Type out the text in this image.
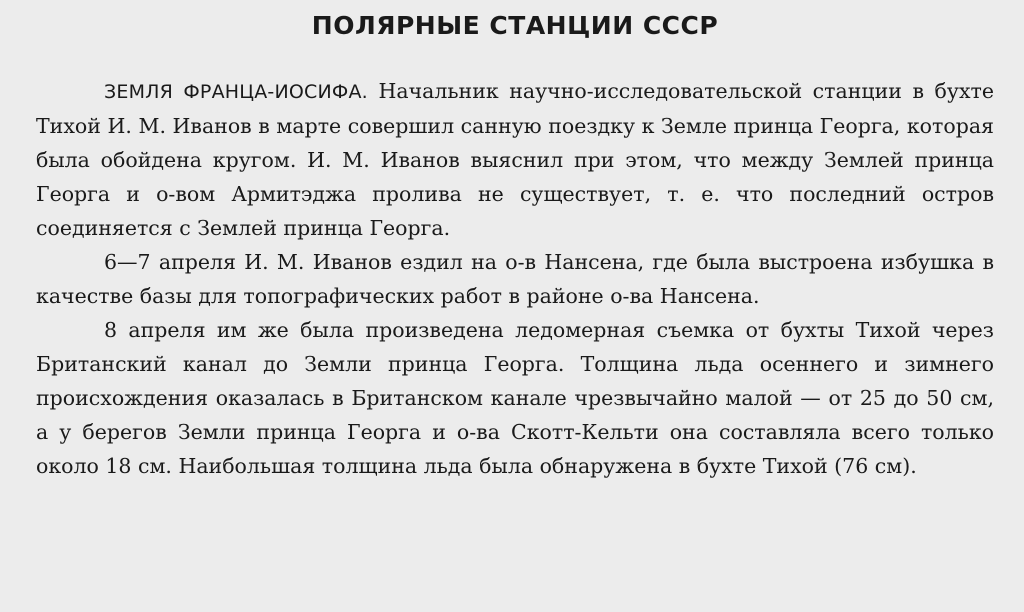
ПОЛЯРНЫЕ СТАНЦИИ СССР

ЗЕМЛЯ ФРАНЦА-ИОСИФА. Начальник научно-исследовательской станции в бухте Тихой И. М. Иванов в марте совершил санную поездку к Земле принца Георга, которая была обойдена кругом. И. М. Иванов выяснил при этом, что между Землей принца Георга и о-вом Армитэджа пролива не существует, т. е. что последний остров соединяется с Землей принца Георга.

6—7 апреля И. М. Иванов ездил на о-в Нансена, где была выстроена избушка в качестве базы для топографических работ в районе о-ва Нансена.

8 апреля им же была произведена ледомерная съемка от бухты Тихой через Британский канал до Земли принца Георга. Толщина льда осеннего и зимнего происхождения оказалась в Британском канале чрезвычайно малой — от 25 до 50 см, а у берегов Земли принца Георга и о-ва Скотт-Кельти она составляла всего только около 18 см. Наибольшая толщина льда была обнаружена в бухте Тихой (76 см).
